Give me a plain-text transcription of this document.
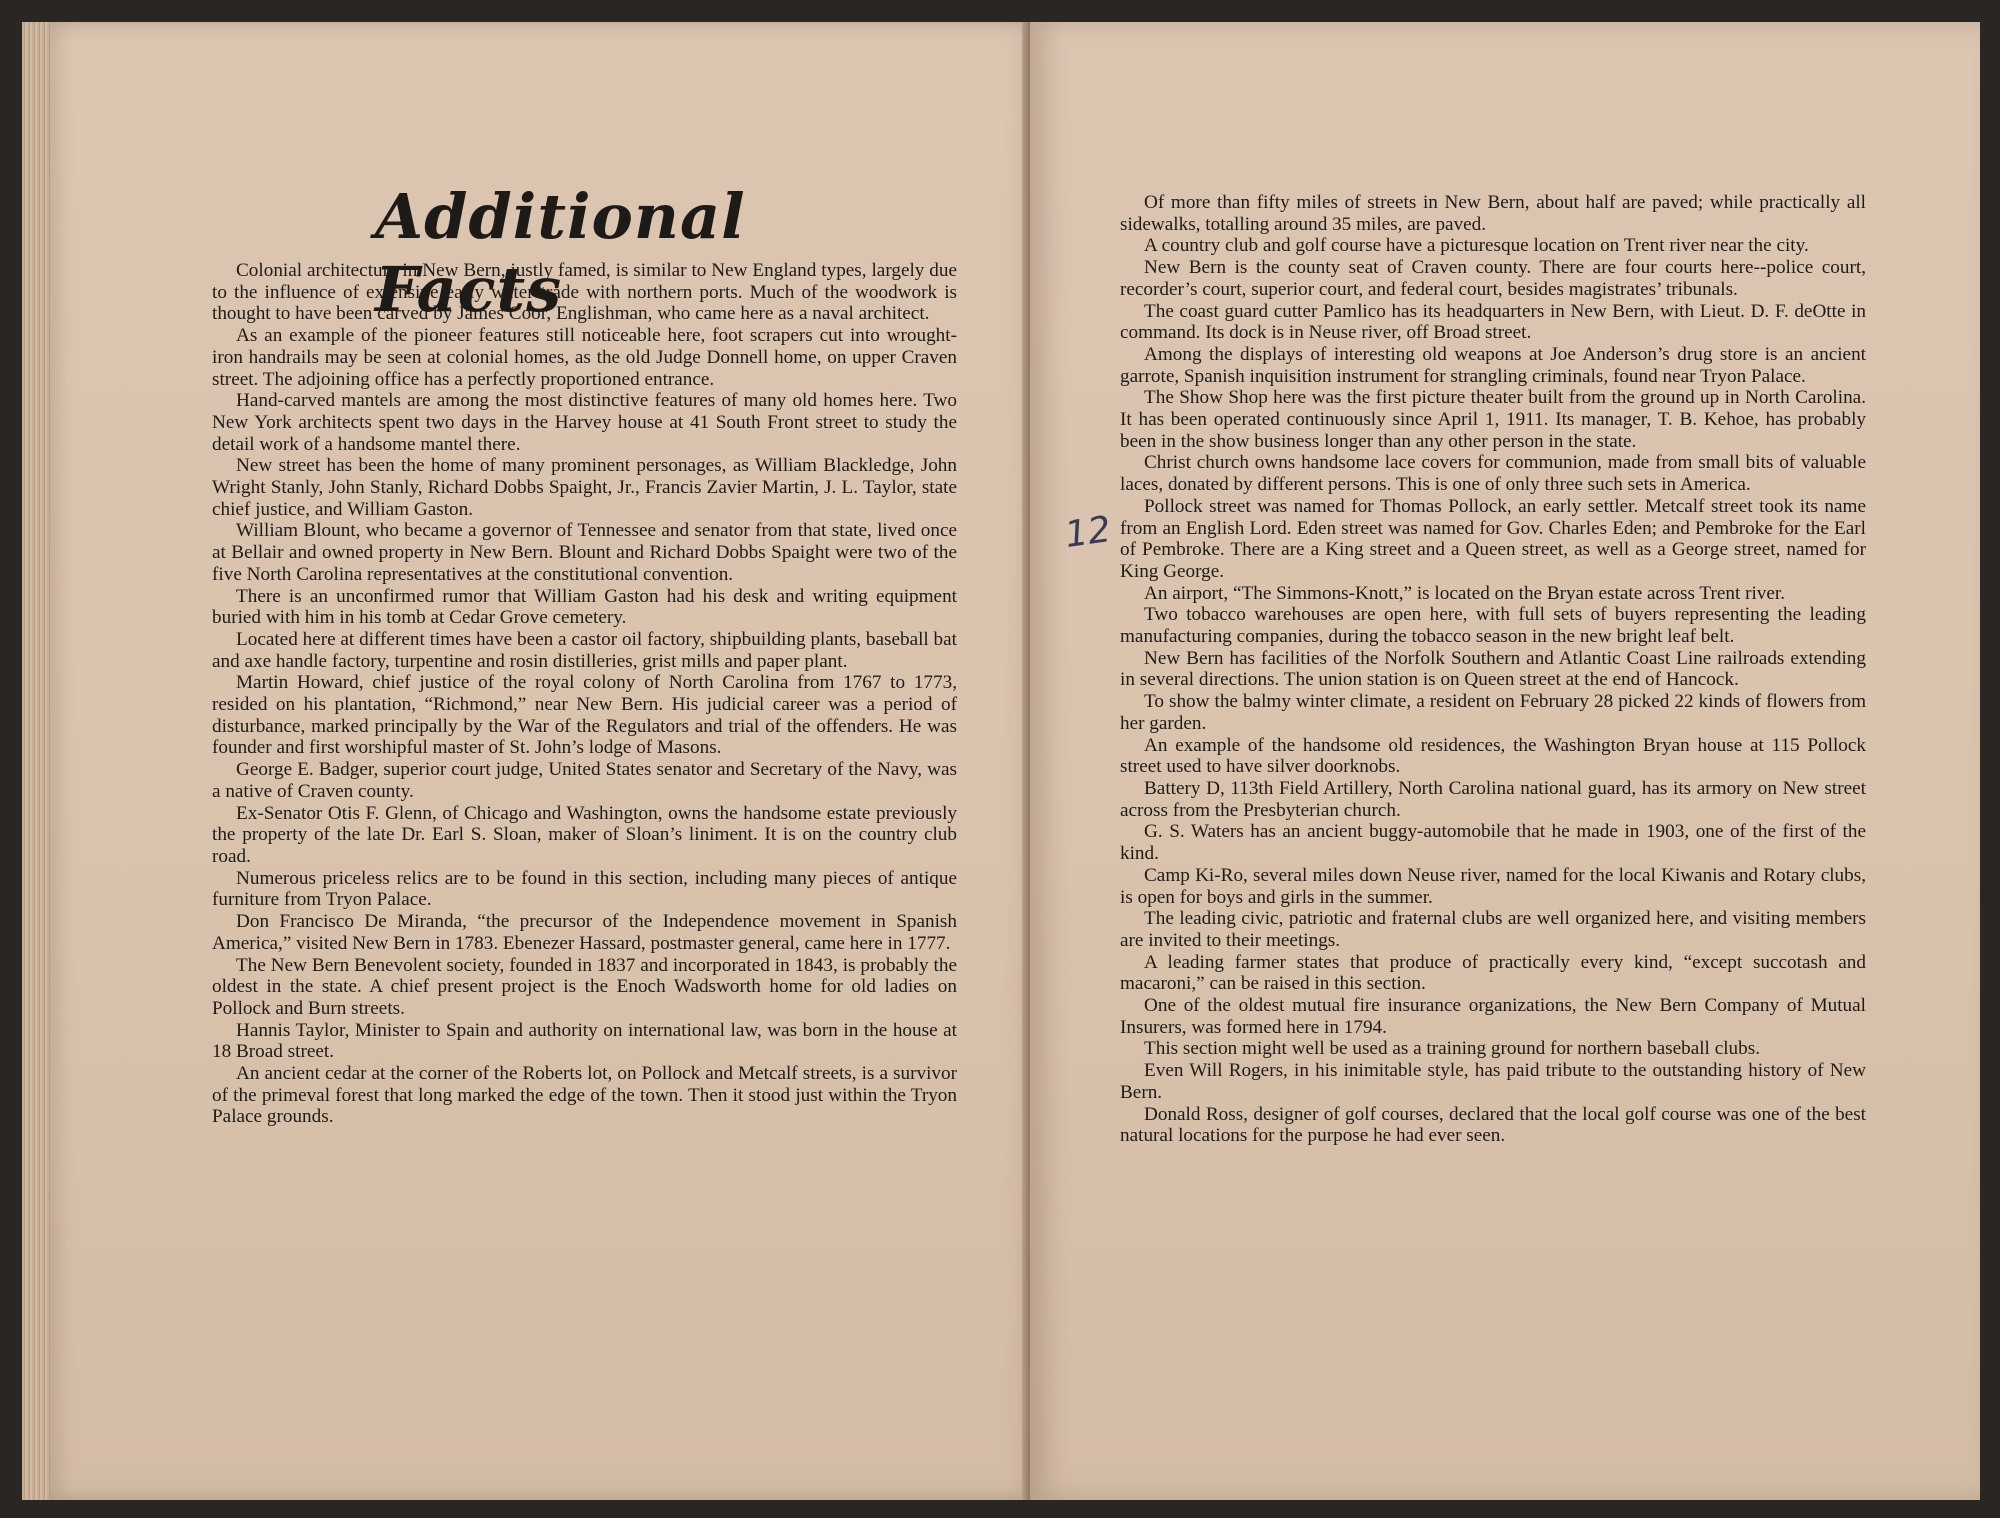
Additional Facts

Colonial architecture in New Bern, justly famed, is similar to New England types, largely due to the influence of extensive early water trade with northern ports. Much of the woodwork is thought to have been carved by James Coor, Englishman, who came here as a naval architect.

As an example of the pioneer features still noticeable here, foot scrapers cut into wrought-iron handrails may be seen at colonial homes, as the old Judge Donnell home, on upper Craven street. The adjoining office has a perfectly proportioned entrance.

Hand-carved mantels are among the most distinctive features of many old homes here. Two New York architects spent two days in the Harvey house at 41 South Front street to study the detail work of a handsome mantel there.

New street has been the home of many prominent personages, as William Blackledge, John Wright Stanly, John Stanly, Richard Dobbs Spaight, Jr., Francis Zavier Martin, J. L. Taylor, state chief justice, and William Gaston.

William Blount, who became a governor of Tennessee and senator from that state, lived once at Bellair and owned property in New Bern. Blount and Richard Dobbs Spaight were two of the five North Carolina representatives at the constitutional convention.

There is an unconfirmed rumor that William Gaston had his desk and writing equipment buried with him in his tomb at Cedar Grove cemetery.

Located here at different times have been a castor oil factory, shipbuilding plants, baseball bat and axe handle factory, turpentine and rosin distilleries, grist mills and paper plant.

Martin Howard, chief justice of the royal colony of North Carolina from 1767 to 1773, resided on his plantation, “Richmond,” near New Bern. His judicial career was a period of disturbance, marked principally by the War of the Regulators and trial of the offenders. He was founder and first worshipful master of St. John’s lodge of Masons.

George E. Badger, superior court judge, United States senator and Secretary of the Navy, was a native of Craven county.

Ex-Senator Otis F. Glenn, of Chicago and Washington, owns the handsome estate previously the property of the late Dr. Earl S. Sloan, maker of Sloan’s liniment. It is on the country club road.

Numerous priceless relics are to be found in this section, including many pieces of antique furniture from Tryon Palace.

Don Francisco De Miranda, “the precursor of the Independence movement in Spanish America,” visited New Bern in 1783. Ebenezer Hassard, postmaster general, came here in 1777.

The New Bern Benevolent society, founded in 1837 and incorporated in 1843, is probably the oldest in the state. A chief present project is the Enoch Wadsworth home for old ladies on Pollock and Burn streets.

Hannis Taylor, Minister to Spain and authority on international law, was born in the house at 18 Broad street.

An ancient cedar at the corner of the Roberts lot, on Pollock and Metcalf streets, is a survivor of the primeval forest that long marked the edge of the town. Then it stood just within the Tryon Palace grounds.

12

Of more than fifty miles of streets in New Bern, about half are paved; while practically all sidewalks, totalling around 35 miles, are paved.

A country club and golf course have a picturesque location on Trent river near the city.

New Bern is the county seat of Craven county. There are four courts here--police court, recorder’s court, superior court, and federal court, besides magistrates’ tribunals.

The coast guard cutter Pamlico has its headquarters in New Bern, with Lieut. D. F. deOtte in command. Its dock is in Neuse river, off Broad street.

Among the displays of interesting old weapons at Joe Anderson’s drug store is an ancient garrote, Spanish inquisition instrument for strangling criminals, found near Tryon Palace.

The Show Shop here was the first picture theater built from the ground up in North Carolina. It has been operated continuously since April 1, 1911. Its manager, T. B. Kehoe, has probably been in the show business longer than any other person in the state.

Christ church owns handsome lace covers for communion, made from small bits of valuable laces, donated by different persons. This is one of only three such sets in America.

Pollock street was named for Thomas Pollock, an early settler. Metcalf street took its name from an English Lord. Eden street was named for Gov. Charles Eden; and Pembroke for the Earl of Pembroke. There are a King street and a Queen street, as well as a George street, named for King George.

An airport, “The Simmons-Knott,” is located on the Bryan estate across Trent river.

Two tobacco warehouses are open here, with full sets of buyers representing the leading manufacturing companies, during the tobacco season in the new bright leaf belt.

New Bern has facilities of the Norfolk Southern and Atlantic Coast Line railroads extending in several directions. The union station is on Queen street at the end of Hancock.

To show the balmy winter climate, a resident on February 28 picked 22 kinds of flowers from her garden.

An example of the handsome old residences, the Washington Bryan house at 115 Pollock street used to have silver doorknobs.

Battery D, 113th Field Artillery, North Carolina national guard, has its armory on New street across from the Presbyterian church.

G. S. Waters has an ancient buggy-automobile that he made in 1903, one of the first of the kind.

Camp Ki-Ro, several miles down Neuse river, named for the local Kiwanis and Rotary clubs, is open for boys and girls in the summer.

The leading civic, patriotic and fraternal clubs are well organized here, and visiting members are invited to their meetings.

A leading farmer states that produce of practically every kind, “except succotash and macaroni,” can be raised in this section.

One of the oldest mutual fire insurance organizations, the New Bern Company of Mutual Insurers, was formed here in 1794.

This section might well be used as a training ground for northern baseball clubs.

Even Will Rogers, in his inimitable style, has paid tribute to the outstanding history of New Bern.

Donald Ross, designer of golf courses, declared that the local golf course was one of the best natural locations for the purpose he had ever seen.
